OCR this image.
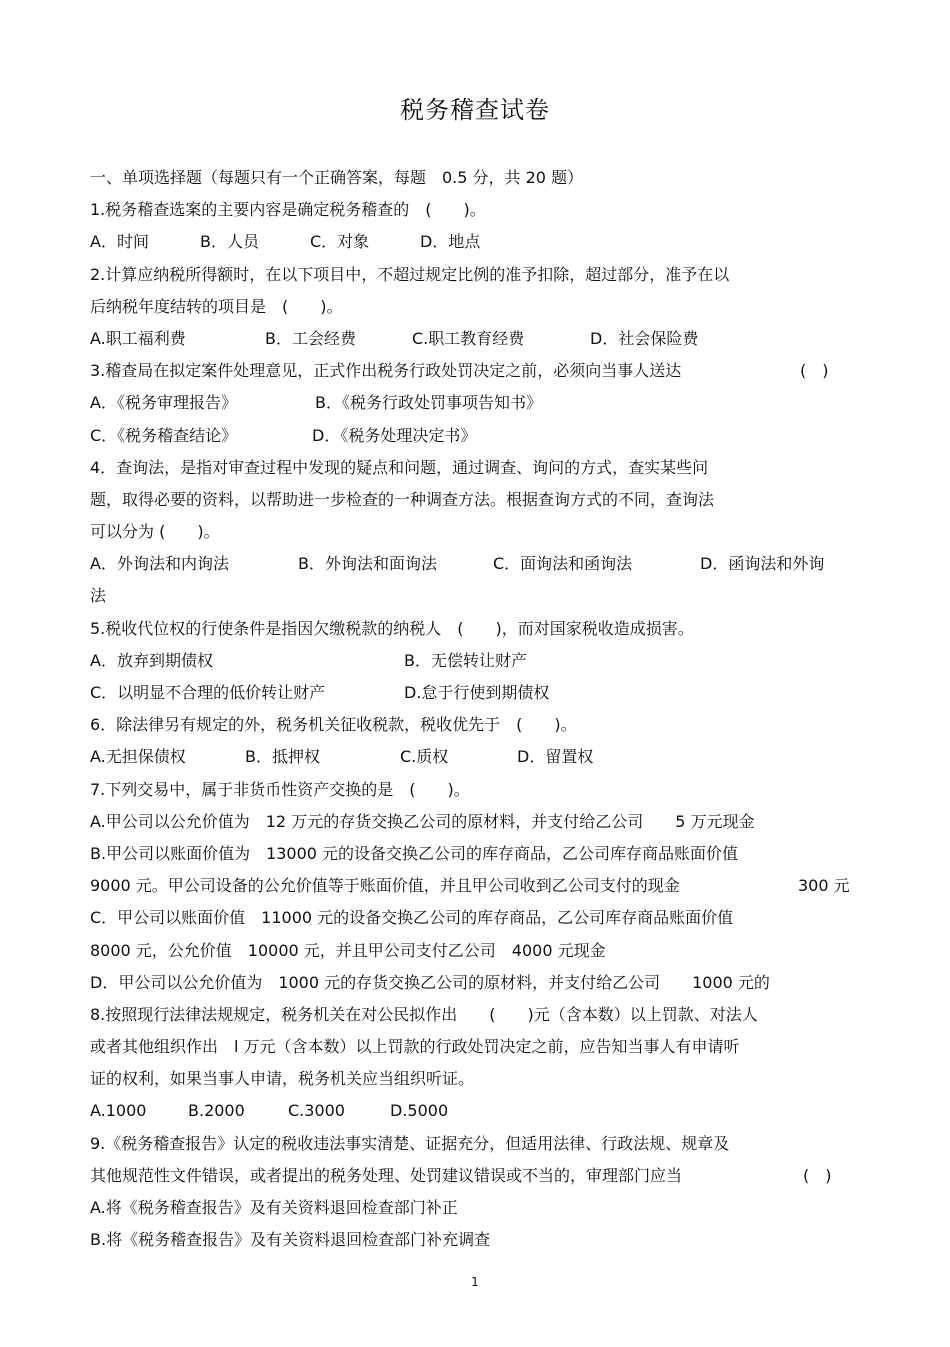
税务稽查试卷
一、单项选择题（每题只有一个正确答案，每题　0.5 分，共 20 题）
1.税务稽查选案的主要内容是确定税务稽查的　(　　)。
A．时间	B．人员	C．对象	D．地点
2.计算应纳税所得额时，在以下项目中，不超过规定比例的准予扣除，超过部分，准予在以
后纳税年度结转的项目是　(　　)。
A.职工福利费	B．工会经费	C.职工教育经费	D．社会保险费
3.稽查局在拟定案件处理意见，正式作出税务行政处罚决定之前，必须向当事人送达	(　)
A．《税务审理报告》	B．《税务行政处罚事项告知书》
C．《税务稽查结论》	D．《税务处理决定书》
4．查询法，是指对审查过程中发现的疑点和问题，通过调查、询问的方式，查实某些问
题，取得必要的资料，以帮助进一步检查的一种调查方法。根据查询方式的不同，查询法
可以分为 (　　)。
A．外询法和内询法	B．外询法和面询法	C．面询法和函询法	D．函询法和外询
法
5.税收代位权的行使条件是指因欠缴税款的纳税人　(　　)，而对国家税收造成损害。
A．放弃到期债权	B．无偿转让财产
C．以明显不合理的低价转让财产	D.怠于行使到期债权
6．除法律另有规定的外，税务机关征收税款，税收优先于　(　　)。
A.无担保债权	B．抵押权	C.质权	D．留置权
7.下列交易中，属于非货币性资产交换的是　(　　)。
A.甲公司以公允价值为　12 万元的存货交换乙公司的原材料，并支付给乙公司　　5 万元现金
B.甲公司以账面价值为　13000 元的设备交换乙公司的库存商品，乙公司库存商品账面价值
9000 元。甲公司设备的公允价值等于账面价值，并且甲公司收到乙公司支付的现金	300 元
C．甲公司以账面价值　11000 元的设备交换乙公司的库存商品，乙公司库存商品账面价值
8000 元，公允价值　10000 元，并且甲公司支付乙公司　4000 元现金
D．甲公司以公允价值为　1000 元的存货交换乙公司的原材料，并支付给乙公司　　1000 元的
8.按照现行法律法规规定，税务机关在对公民拟作出　　(　　)元（含本数）以上罚款、对法人
或者其他组织作出　l 万元（含本数）以上罚款的行政处罚决定之前，应告知当事人有申请听
证的权利，如果当事人申请，税务机关应当组织听证。
A.1000	B.2000	C.3000	D.5000
9.《税务稽查报告》认定的税收违法事实清楚、证据充分，但适用法律、行政法规、规章及
其他规范性文件错误，或者提出的税务处理、处罚建议错误或不当的，审理部门应当	(　)
A.将《税务稽查报告》及有关资料退回检查部门补正
B.将《税务稽查报告》及有关资料退回检查部门补充调查
1
